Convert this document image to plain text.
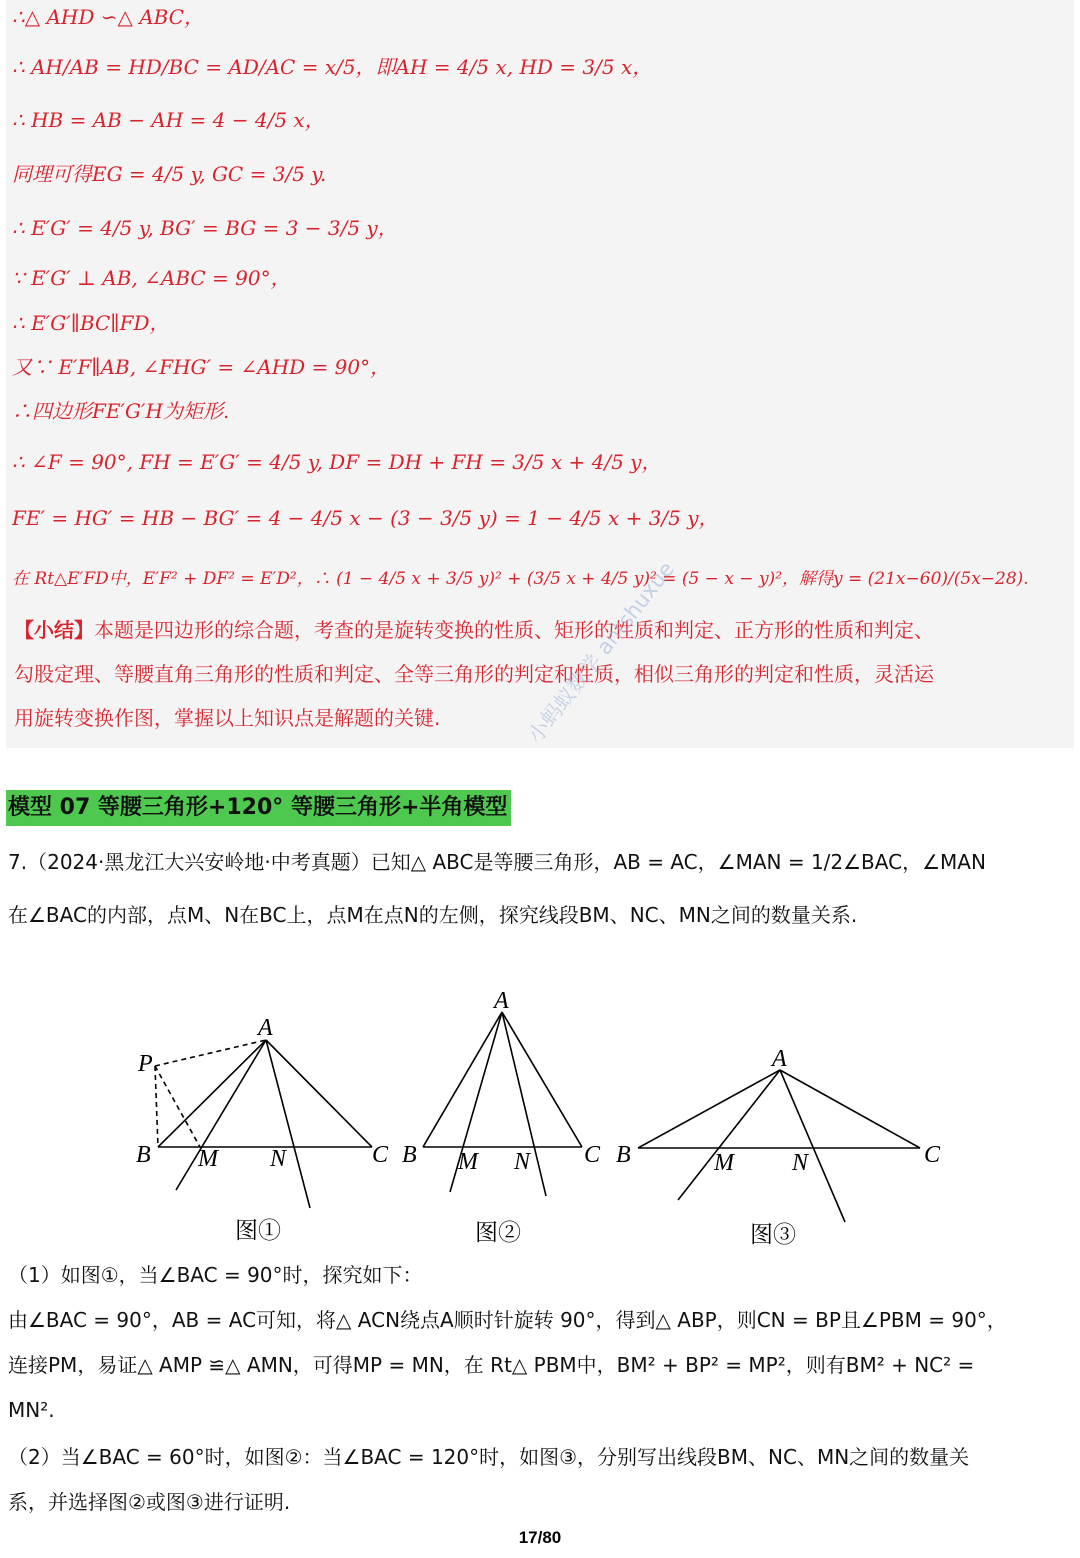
∴△ AHD ∽△ ABC，
∴ AH/AB = HD/BC = AD/AC = x/5，即AH = 4/5 x, HD = 3/5 x，
∴ HB = AB − AH = 4 − 4/5 x，
同理可得EG = 4/5 y, GC = 3/5 y.
∴ E′G′ = 4/5 y, BG′ = BG = 3 − 3/5 y，
∵ E′G′ ⊥ AB, ∠ABC = 90°，
∴ E′G′∥BC∥FD，
又∵ E′F∥AB, ∠FHG′ = ∠AHD = 90°，
∴四边形FE′G′H为矩形.
∴ ∠F = 90°, FH = E′G′ = 4/5 y, DF = DH + FH = 3/5 x + 4/5 y，
FE′ = HG′ = HB − BG′ = 4 − 4/5 x − (3 − 3/5 y) = 1 − 4/5 x + 3/5 y，
在 Rt△E′FD中，E′F² + DF² = E′D²，∴ (1 − 4/5 x + 3/5 y)² + (3/5 x + 4/5 y)² = (5 − x − y)²，解得y = (21x−60)/(5x−28).
【小结】本题是四边形的综合题，考查的是旋转变换的性质、矩形的性质和判定、正方形的性质和判定、
勾股定理、等腰直角三角形的性质和判定、全等三角形的判定和性质，相似三角形的判定和性质，灵活运
用旋转变换作图，掌握以上知识点是解题的关键.	小蚂蚁数学 antshuxue
模型 07 等腰三角形+120° 等腰三角形+半角模型
7.（2024·黑龙江大兴安岭地·中考真题）已知△ ABC是等腰三角形，AB = AC，∠MAN = 1/2∠BAC，∠MAN
在∠BAC的内部，点M、N在BC上，点M在点N的左侧，探究线段BM、NC、MN之间的数量关系.
A
P
B M N	C
图①
A
B M N C
图②
A
B	M N	C
图③
（1）如图①，当∠BAC = 90°时，探究如下：
由∠BAC = 90°，AB = AC可知，将△ ACN绕点A顺时针旋转 90°，得到△ ABP，则CN = BP且∠PBM = 90°，
连接PM，易证△ AMP ≌△ AMN，可得MP = MN，在 Rt△ PBM中，BM² + BP² = MP²，则有BM² + NC² =
MN².
（2）当∠BAC = 60°时，如图②：当∠BAC = 120°时，如图③，分别写出线段BM、NC、MN之间的数量关
系，并选择图②或图③进行证明.
17/80
